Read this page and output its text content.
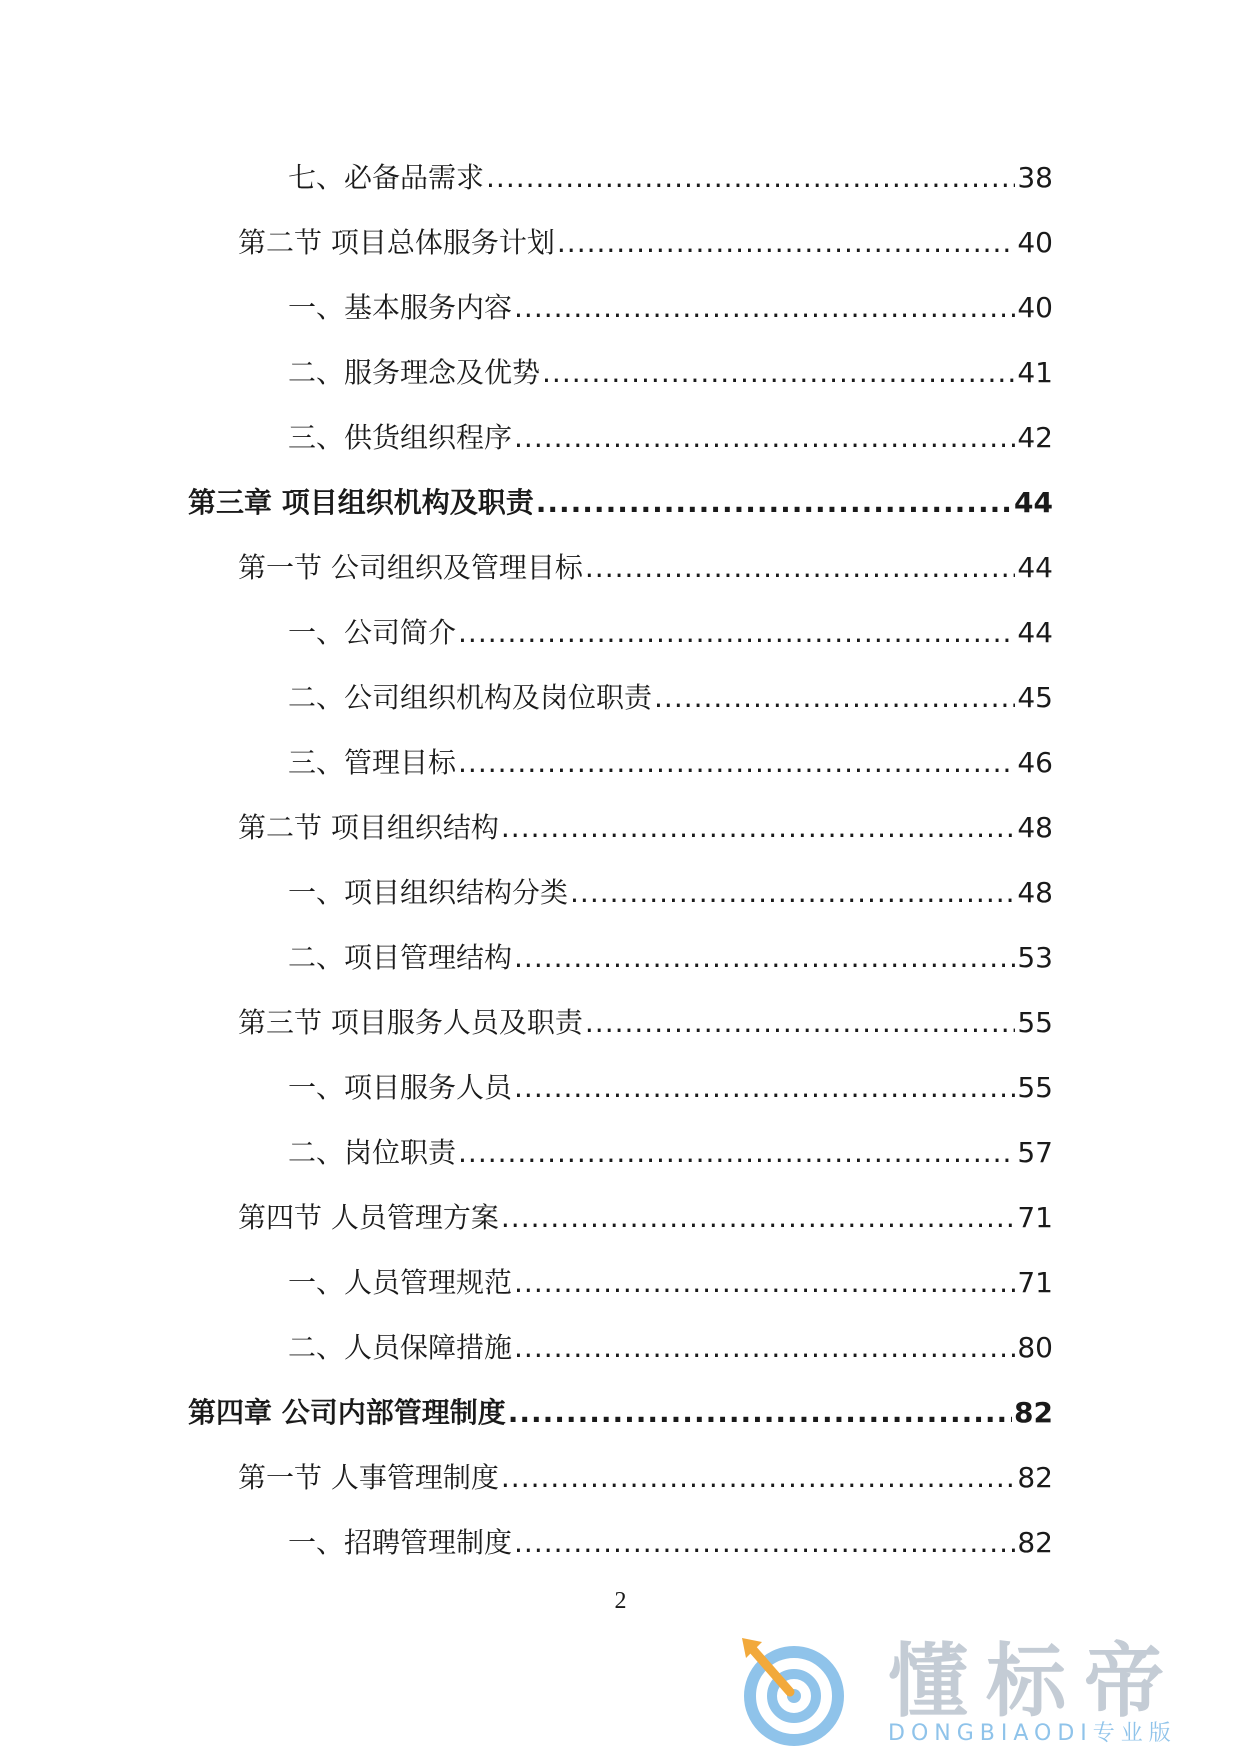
七、必备品需求 .....	38
第二节 项目总体服务计划 .....	40
一、基本服务内容 .....	40
二、服务理念及优势 .....	41
三、供货组织程序 .....	42
第三章 项目组织机构及职责 .....	44
第一节 公司组织及管理目标 .....	44
一、公司简介 .....	44
二、公司组织机构及岗位职责 .....	45
三、管理目标 .....	46
第二节 项目组织结构 .....	48
一、项目组织结构分类 .....	48
二、项目管理结构 .....	53
第三节 项目服务人员及职责 .....	55
一、项目服务人员 .....	55
二、岗位职责 .....	57
第四节 人员管理方案 .....	71
一、人员管理规范 .....	71
二、人员保障措施 .....	80
第四章 公司内部管理制度 .....	82
第一节 人事管理制度 .....	82
一、招聘管理制度 .....	82
2
懂标帝
DONGBIAODI专业版
